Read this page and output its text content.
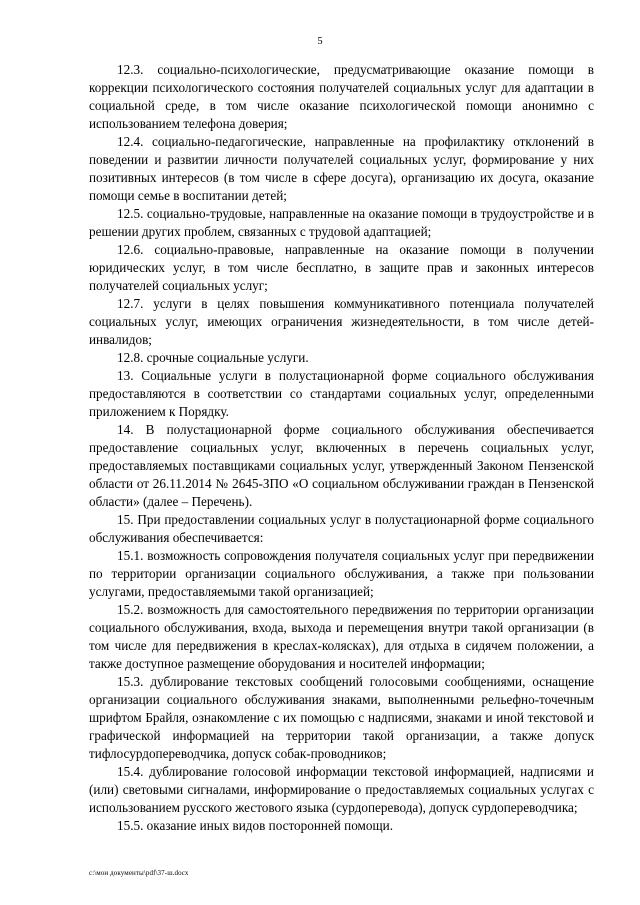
5

12.3. социально-психологические, предусматривающие оказание помощи в коррекции психологического состояния получателей социальных услуг для адаптации в социальной среде, в том числе оказание психологической помощи анонимно с использованием телефона доверия;

12.4. социально-педагогические, направленные на профилактику отклонений в поведении и развитии личности получателей социальных услуг, формирование у них позитивных интересов (в том числе в сфере досуга), организацию их досуга, оказание помощи семье в воспитании детей;

12.5. социально-трудовые, направленные на оказание помощи в трудоустройстве и в решении других проблем, связанных с трудовой адаптацией;

12.6. социально-правовые, направленные на оказание помощи в получении юридических услуг, в том числе бесплатно, в защите прав и законных интересов получателей социальных услуг;

12.7. услуги в целях повышения коммуникативного потенциала получателей социальных услуг, имеющих ограничения жизнедеятельности, в том числе детей-инвалидов;

12.8. срочные социальные услуги.

13. Социальные услуги в полустационарной форме социального обслуживания предоставляются в соответствии со стандартами социальных услуг, определенными приложением к Порядку.

14. В полустационарной форме социального обслуживания обеспечивается предоставление социальных услуг, включенных в перечень социальных услуг, предоставляемых поставщиками социальных услуг, утвержденный Законом Пензенской области от 26.11.2014 № 2645-ЗПО «О социальном обслуживании граждан в Пензенской области» (далее – Перечень).

15. При предоставлении социальных услуг в полустационарной форме социального обслуживания обеспечивается:

15.1. возможность сопровождения получателя социальных услуг при передвижении по территории организации социального обслуживания, а также при пользовании услугами, предоставляемыми такой организацией;

15.2. возможность для самостоятельного передвижения по территории организации социального обслуживания, входа, выхода и перемещения внутри такой организации (в том числе для передвижения в креслах-колясках), для отдыха в сидячем положении, а также доступное размещение оборудования и носителей информации;

15.3. дублирование текстовых сообщений голосовыми сообщениями, оснащение организации социального обслуживания знаками, выполненными рельефно-точечным шрифтом Брайля, ознакомление с их помощью с надписями, знаками и иной текстовой и графической информацией на территории такой организации, а также допуск тифлосурдопереводчика, допуск собак-проводников;

15.4. дублирование голосовой информации текстовой информацией, надписями и (или) световыми сигналами, информирование о предоставляемых социальных услугах с использованием русского жестового языка (сурдоперевода), допуск сурдопереводчика;

15.5. оказание иных видов посторонней помощи.

c:\мои документы\pdf\37-ш.docx
